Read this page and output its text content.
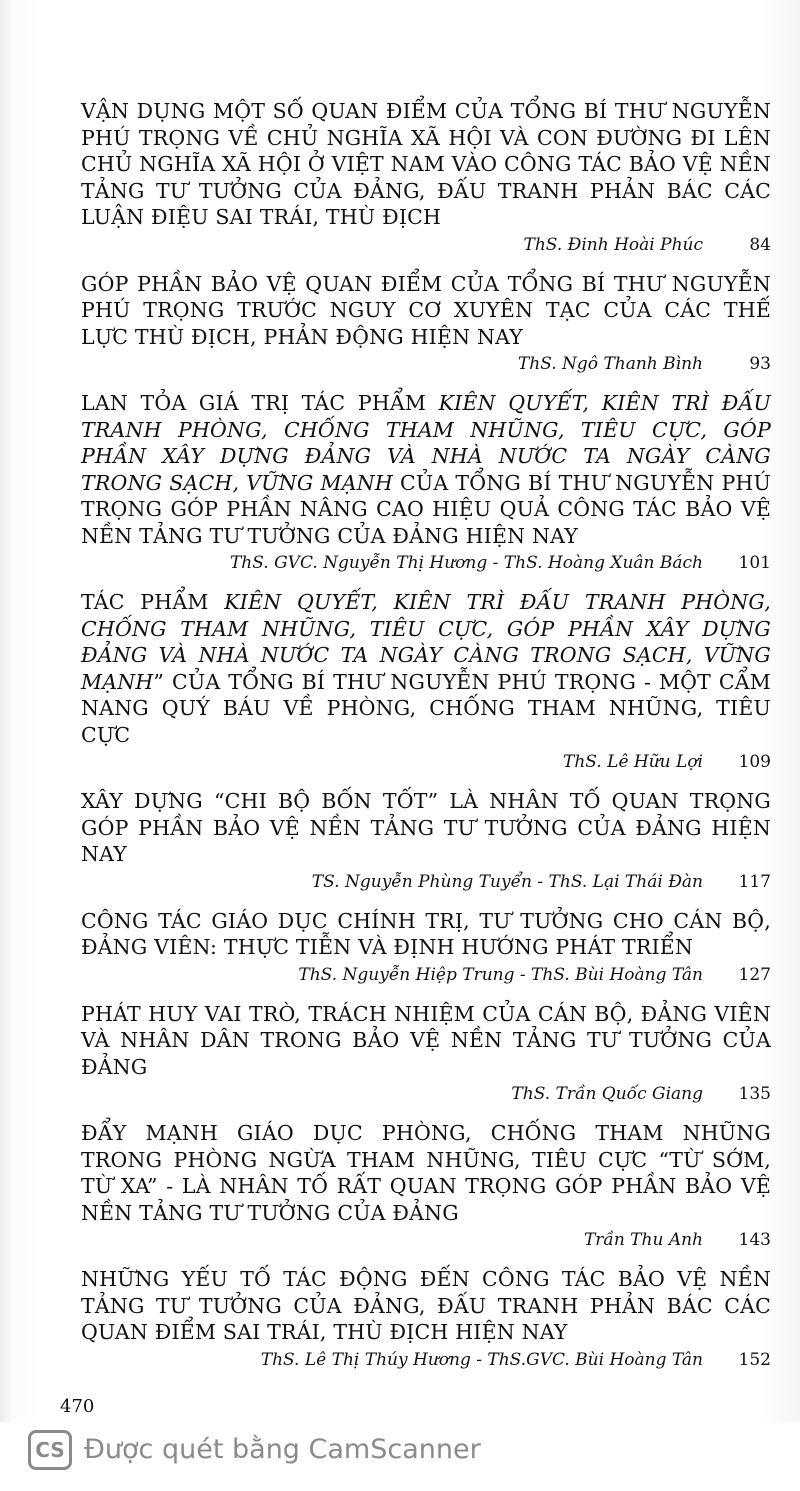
VẬN DỤNG MỘT SỐ QUAN ĐIỂM CỦA TỔNG BÍ THƯ NGUYỄN PHÚ TRỌNG VỀ CHỦ NGHĨA XÃ HỘI VÀ CON ĐƯỜNG ĐI LÊN CHỦ NGHĨA XÃ HỘI Ở VIỆT NAM VÀO CÔNG TÁC BẢO VỆ NỀN TẢNG TƯ TƯỞNG CỦA ĐẢNG, ĐẤU TRANH PHẢN BÁC CÁC LUẬN ĐIỆU SAI TRÁI, THÙ ĐỊCH
ThS. Đinh Hoài Phúc	84
GÓP PHẦN BẢO VỆ QUAN ĐIỂM CỦA TỔNG BÍ THƯ NGUYỄN PHÚ TRỌNG TRƯỚC NGUY CƠ XUYÊN TẠC CỦA CÁC THẾ LỰC THÙ ĐỊCH, PHẢN ĐỘNG HIỆN NAY
ThS. Ngô Thanh Bình	93
LAN TỎA GIÁ TRỊ TÁC PHẨM KIÊN QUYẾT, KIÊN TRÌ ĐẤU TRANH PHÒNG, CHỐNG THAM NHŨNG, TIÊU CỰC, GÓP PHẦN XÂY DỰNG ĐẢNG VÀ NHÀ NƯỚC TA NGÀY CÀNG TRONG SẠCH, VỮNG MẠNH CỦA TỔNG BÍ THƯ NGUYỄN PHÚ TRỌNG GÓP PHẦN NÂNG CAO HIỆU QUẢ CÔNG TÁC BẢO VỆ NỀN TẢNG TƯ TƯỞNG CỦA ĐẢNG HIỆN NAY
ThS. GVC. Nguyễn Thị Hương - ThS. Hoàng Xuân Bách	101
TÁC PHẨM KIÊN QUYẾT, KIÊN TRÌ ĐẤU TRANH PHÒNG, CHỐNG THAM NHŨNG, TIÊU CỰC, GÓP PHẦN XÂY DỰNG ĐẢNG VÀ NHÀ NƯỚC TA NGÀY CÀNG TRONG SẠCH, VỮNG MẠNH” CỦA TỔNG BÍ THƯ NGUYỄN PHÚ TRỌNG - MỘT CẨM NANG QUÝ BÁU VỀ PHÒNG, CHỐNG THAM NHŨNG, TIÊU CỰC
ThS. Lê Hữu Lợi	109
XÂY DỰNG “CHI BỘ BỐN TỐT” LÀ NHÂN TỐ QUAN TRỌNG GÓP PHẦN BẢO VỆ NỀN TẢNG TƯ TƯỞNG CỦA ĐẢNG HIỆN NAY
TS. Nguyễn Phùng Tuyển - ThS. Lại Thái Đàn	117
CÔNG TÁC GIÁO DỤC CHÍNH TRỊ, TƯ TƯỞNG CHO CÁN BỘ, ĐẢNG VIÊN: THỰC TIỄN VÀ ĐỊNH HƯỚNG PHÁT TRIỂN
ThS. Nguyễn Hiệp Trung - ThS. Bùi Hoàng Tân	127
PHÁT HUY VAI TRÒ, TRÁCH NHIỆM CỦA CÁN BỘ, ĐẢNG VIÊN VÀ NHÂN DÂN TRONG BẢO VỆ NỀN TẢNG TƯ TƯỞNG CỦA ĐẢNG
ThS. Trần Quốc Giang	135
ĐẨY MẠNH GIÁO DỤC PHÒNG, CHỐNG THAM NHŨNG TRONG PHÒNG NGỪA THAM NHŨNG, TIÊU CỰC “TỪ SỚM, TỪ XA” - LÀ NHÂN TỐ RẤT QUAN TRỌNG GÓP PHẦN BẢO VỆ NỀN TẢNG TƯ TƯỞNG CỦA ĐẢNG
Trần Thu Anh	143
NHỮNG YẾU TỐ TÁC ĐỘNG ĐẾN CÔNG TÁC BẢO VỆ NỀN TẢNG TƯ TƯỞNG CỦA ĐẢNG, ĐẤU TRANH PHẢN BÁC CÁC QUAN ĐIỂM SAI TRÁI, THÙ ĐỊCH HIỆN NAY
ThS. Lê Thị Thúy Hương - ThS.GVC. Bùi Hoàng Tân	152
470
CS Được quét bằng CamScanner
